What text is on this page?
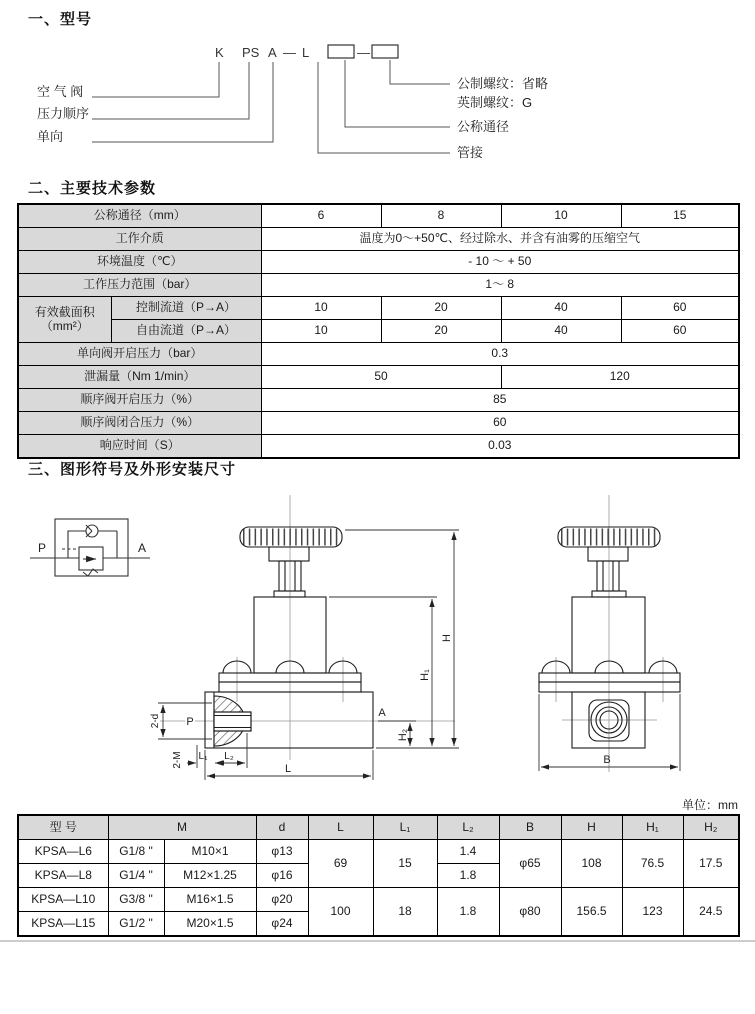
一、型号
K PS A — L	—
空 气 阀
压力顺序
单向
公制螺纹：省略
英制螺纹：G
公称通径
管接
二、主要技术参数
公称通径（mm）		6	8	10	15
工作介质		温度为0～+50℃、经过除水、并含有油雾的压缩空气			
环境温度（℃）		- 10 ～ + 50			
工作压力范围（bar）		1～ 8			

有效截面积
（mm²）	控制流道（P→A）	10	20	40	60
	自由流道（P→A）	10	20	40	60
单向阀开启压力（bar）		0.3			
泄漏量（Nm 1/min）		50		120	
顺序阀开启压力（%）		85			
顺序阀闭合压力（%）		60			
响应时间（S）		0.03			
三、图形符号及外形安装尺寸
P	A
P
A
H
H₁
H₂
L
L₁ L₂
2-d
2-M	B
单位：mm
型 号	M		d	L	L₁	L₂	B	H	H₁	H₂
KPSA—L6	G1/8 "	M10×1	φ13	69	15	1.4	φ65	108	76.5	17.5
KPSA—L8	G1/4 "	M12×1.25	φ16			1.8				
KPSA—L10	G3/8 "	M16×1.5	φ20	100	18	1.8	φ80	156.5	123	24.5
KPSA—L15	G1/2 "	M20×1.5	φ24							
